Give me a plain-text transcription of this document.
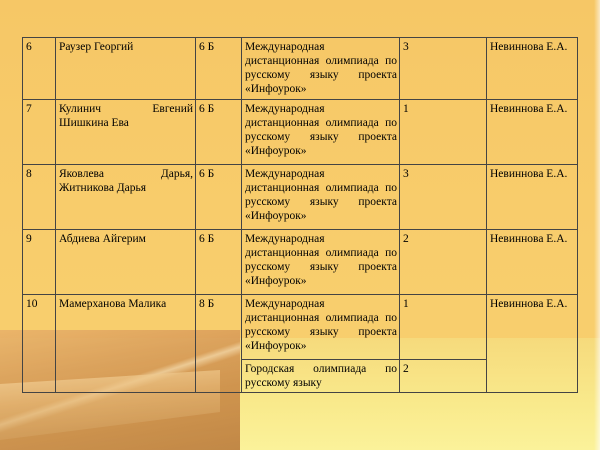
6	Раузер Георгий	6 Б	Международная дистанционная олимпиада по русскому языку проекта «Инфоурок»	3	Невиннова Е.А.
7	Кулинич Евгений Шишкина Ева	6 Б	Международная дистанционная олимпиада по русскому языку проекта «Инфоурок»	1	Невиннова Е.А.
8	Яковлева Дарья, Житникова Дарья	6 Б	Международная дистанционная олимпиада по русскому языку проекта «Инфоурок»	3	Невиннова Е.А.
9	Абдиева Айгерим	6 Б	Международная дистанционная олимпиада по русскому языку проекта «Инфоурок»	2	Невиннова Е.А.
10	Мамерханова Малика	8 Б	Международная дистанционная олимпиада по русскому языку проекта «Инфоурок»	1	Невиннова Е.А.
			Городская олимпиада по русскому языку	2	
